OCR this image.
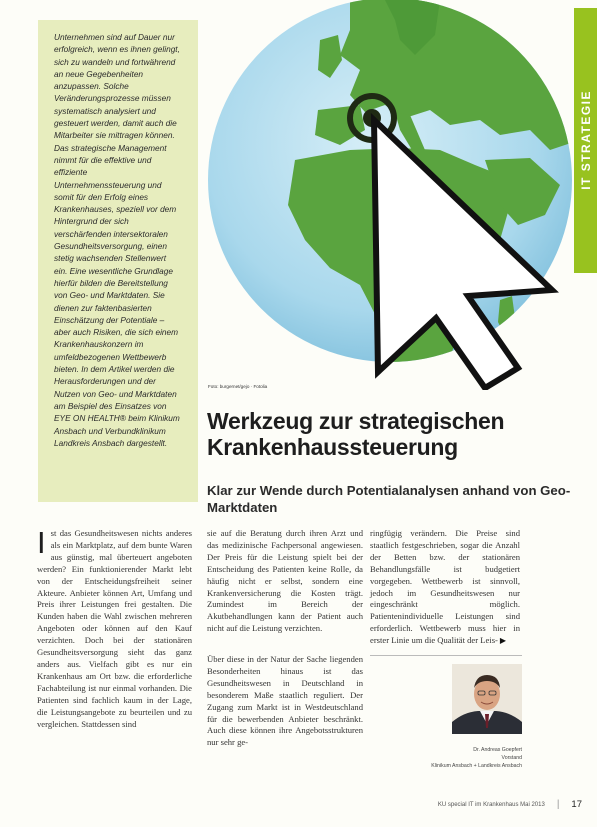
Unternehmen sind auf Dauer nur erfolgreich, wenn es ihnen gelingt, sich zu wandeln und fortwährend an neue Gegebenheiten anzupassen. Solche Veränderungsprozesse müssen systematisch analysiert und gesteuert werden, damit auch die Mitarbeiter sie mittragen können. Das strategische Management nimmt für die effektive und effiziente Unternehmenssteuerung und somit für den Erfolg eines Krankenhauses, speziell vor dem Hintergrund der sich verschärfenden intersektoralen Gesundheitsversorgung, einen stetig wachsenden Stellenwert ein. Eine wesentliche Grundlage hierfür bilden die Bereitstellung von Geo- und Marktdaten. Sie dienen zur faktenbasierten Einschätzung der Potentiale – aber auch Risiken, die sich einem Krankenhauskonzern im umfeldbezogenen Wettbewerb bieten. In dem Artikel werden die Herausforderungen und der Nutzen von Geo- und Marktdaten am Beispiel des Einsatzes von EYE ON HEALTH® beim Klinikum Ansbach und Verbundklinikum Landkreis Ansbach dargestellt.

Foto: burgernet/gejo · Fotolia
IT STRATEGIE
Werkzeug zur strategischen Krankenhaussteuerung
Klar zur Wende durch Potentialanalysen anhand von Geo-Marktdaten

Ist das Gesundheitswesen nichts anderes als ein Marktplatz, auf dem bunte Waren aus günstig, mal überteuert angeboten werden? Ein funktionierender Markt lebt von der Entscheidungsfreiheit seiner Akteure. Anbieter können Art, Umfang und Preis ihrer Leistungen frei gestalten. Die Kunden haben die Wahl zwischen mehreren Angeboten oder können auf den Kauf verzichten. Doch bei der stationären Gesundheitsversorgung sieht das ganz anders aus. Vielfach gibt es nur ein Krankenhaus am Ort bzw. die erforderliche Fachabteilung ist nur einmal vorhanden. Die Patienten sind fachlich kaum in der Lage, die Leistungsangebote zu beurteilen und zu vergleichen. Stattdessen sind

sie auf die Beratung durch ihren Arzt und das medizinische Fachpersonal angewiesen. Der Preis für die Leistung spielt bei der Entscheidung des Patienten keine Rolle, da häufig nicht er selbst, sondern eine Krankenversicherung die Kosten trägt. Zumindest im Bereich der Akutbehandlungen kann der Patient auch nicht auf die Leistung verzichten.

Über diese in der Natur der Sache liegenden Besonderheiten hinaus ist das Gesundheitswesen in Deutschland in besonderem Maße staatlich reguliert. Der Zugang zum Markt ist in Westdeutschland für die bewerbenden Anbieter beschränkt. Auch diese können ihre Angebotsstrukturen nur sehr ge-

ringfügig verändern. Die Preise sind staatlich festgeschrieben, sogar die Anzahl der Betten bzw. der stationären Behandlungsfälle ist budgetiert vorgegeben. Wettbewerb ist sinnvoll, jedoch im Gesundheitswesen nur eingeschränkt möglich. Patientenindividuelle Leistungen sind erforderlich. Wettbewerb muss hier in erster Linie um die Qualität der Leis- ▶

Dr. Andreas Goepfert
Vorstand
Klinikum Ansbach + Landkreis Ansbach
KU special IT im Krankenhaus Mai 2013 | 17
